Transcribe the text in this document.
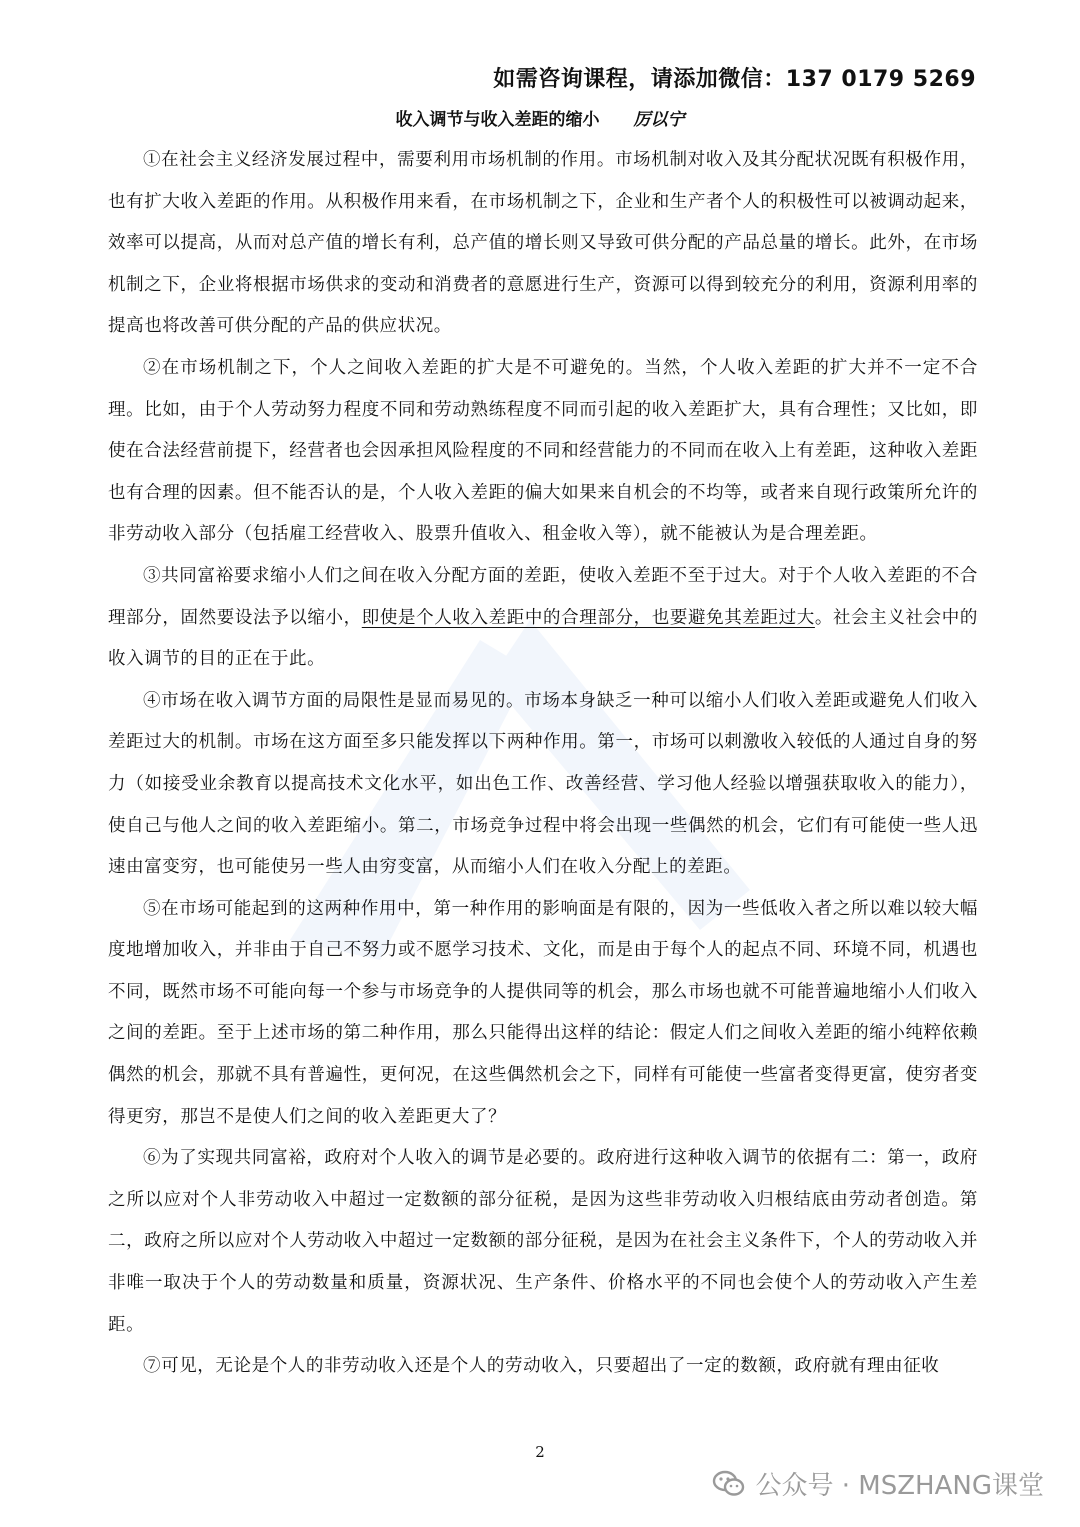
如需咨询课程，请添加微信：137 0179 5269
收入调节与收入差距的缩小 厉以宁

①在社会主义经济发展过程中，需要利用市场机制的作用。市场机制对收入及其分配状况既有积极作用，也有扩大收入差距的作用。从积极作用来看，在市场机制之下，企业和生产者个人的积极性可以被调动起来，效率可以提高，从而对总产值的增长有利，总产值的增长则又导致可供分配的产品总量的增长。此外，在市场机制之下，企业将根据市场供求的变动和消费者的意愿进行生产，资源可以得到较充分的利用，资源利用率的提高也将改善可供分配的产品的供应状况。

②在市场机制之下，个人之间收入差距的扩大是不可避免的。当然，个人收入差距的扩大并不一定不合理。比如，由于个人劳动努力程度不同和劳动熟练程度不同而引起的收入差距扩大，具有合理性；又比如，即使在合法经营前提下，经营者也会因承担风险程度的不同和经营能力的不同而在收入上有差距，这种收入差距也有合理的因素。但不能否认的是，个人收入差距的偏大如果来自机会的不均等，或者来自现行政策所允许的非劳动收入部分（包括雇工经营收入、股票升值收入、租金收入等），就不能被认为是合理差距。

③共同富裕要求缩小人们之间在收入分配方面的差距，使收入差距不至于过大。对于个人收入差距的不合理部分，固然要设法予以缩小，即使是个人收入差距中的合理部分，也要避免其差距过大。社会主义社会中的收入调节的目的正在于此。

④市场在收入调节方面的局限性是显而易见的。市场本身缺乏一种可以缩小人们收入差距或避免人们收入差距过大的机制。市场在这方面至多只能发挥以下两种作用。第一，市场可以刺激收入较低的人通过自身的努力（如接受业余教育以提高技术文化水平，如出色工作、改善经营、学习他人经验以增强获取收入的能力），使自己与他人之间的收入差距缩小。第二，市场竞争过程中将会出现一些偶然的机会，它们有可能使一些人迅速由富变穷，也可能使另一些人由穷变富，从而缩小人们在收入分配上的差距。

⑤在市场可能起到的这两种作用中，第一种作用的影响面是有限的，因为一些低收入者之所以难以较大幅度地增加收入，并非由于自己不努力或不愿学习技术、文化，而是由于每个人的起点不同、环境不同，机遇也不同，既然市场不可能向每一个参与市场竞争的人提供同等的机会，那么市场也就不可能普遍地缩小人们收入之间的差距。至于上述市场的第二种作用，那么只能得出这样的结论：假定人们之间收入差距的缩小纯粹依赖偶然的机会，那就不具有普遍性，更何况，在这些偶然机会之下，同样有可能使一些富者变得更富，使穷者变得更穷，那岂不是使人们之间的收入差距更大了？

⑥为了实现共同富裕，政府对个人收入的调节是必要的。政府进行这种收入调节的依据有二：第一，政府之所以应对个人非劳动收入中超过一定数额的部分征税，是因为这些非劳动收入归根结底由劳动者创造。第二，政府之所以应对个人劳动收入中超过一定数额的部分征税，是因为在社会主义条件下，个人的劳动收入并非唯一取决于个人的劳动数量和质量，资源状况、生产条件、价格水平的不同也会使个人的劳动收入产生差距。

⑦可见，无论是个人的非劳动收入还是个人的劳动收入，只要超出了一定的数额，政府就有理由征收

2
公众号 · MSZHANG课堂
